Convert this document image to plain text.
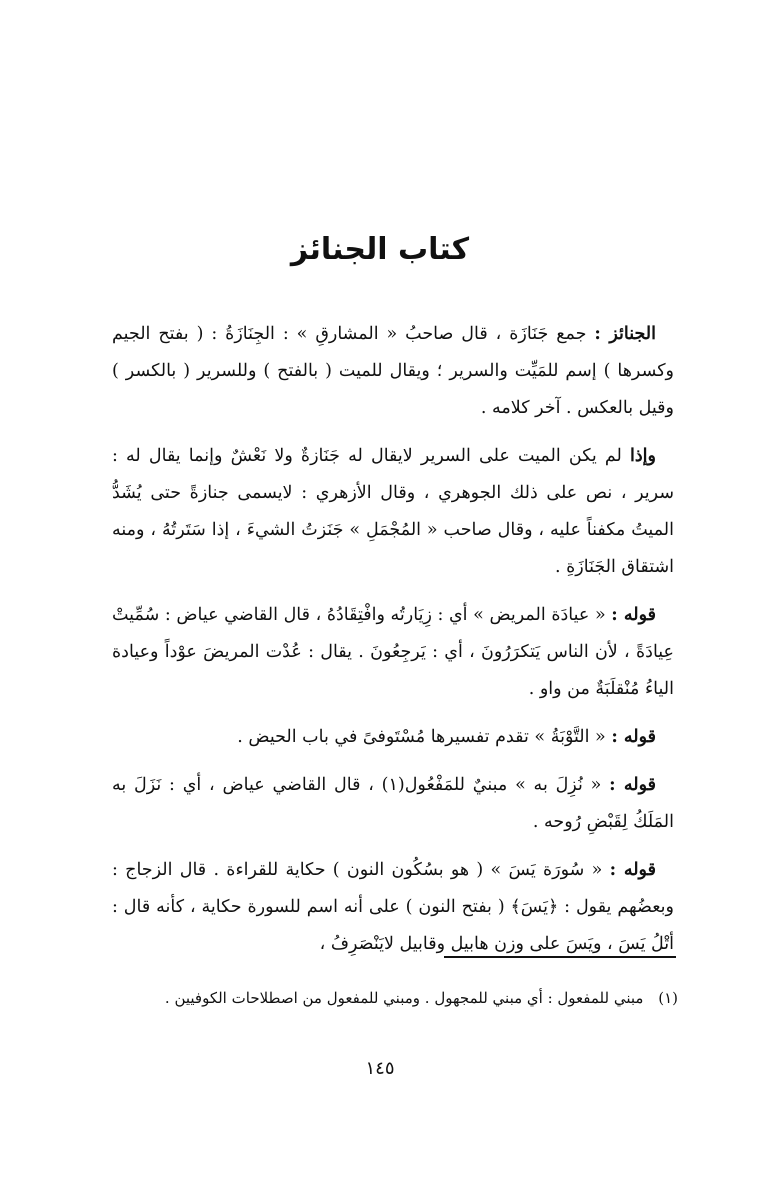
كتاب الجنائز

الجنائز : جمع جَنَازَة ، قال صاحبُ « المشارقِ » : الجِنَازَةُ : ( بفتح الجيم وكسرها ) إسم للمَيِّت والسرير ؛ ويقال للميت ( بالفتح ) وللسرير ( بالكسر ) وقيل بالعكس . آخر كلامه .

وإذا لم يكن الميت على السرير لايقال له جَنَازةٌ ولا نَعْشٌ وإنما يقال له : سرير ، نص على ذلك الجوهري ، وقال الأزهري : لايسمى جنازةً حتى يُشَدُّ الميتُ مكفناً عليه ، وقال صاحب « المُجْمَلِ » جَنَزتُ الشيءَ ، إذا سَتَرتُهُ ، ومنه اشتقاق الجَنَازَةِ .

قوله : « عيادَة المريض » أي : زِيَارتُه وافْتِقَادُهُ ، قال القاضي عياض : سُمِّيتْ عِيادَةً ، لأن الناس يَتكرَرُونَ ، أي : يَرجِعُونَ . يقال : عُدْت المريضَ عوْداً وعيادة الياءُ مُنْقلَبَةٌ من واو .

قوله : « التَّوْبَةُ » تقدم تفسيرها مُسْتَوفىً في باب الحيض .

قوله : « نُزِلَ به » مبنيٌ للمَفْعُول(١) ، قال القاضي عياض ، أي : نَزَلَ به المَلَكُ لِقَبْضِ رُوحه .

قوله : « سُورَة يَسَ » ( هو بسُكُون النون ) حكاية للقراءة . قال الزجاج : وبعضُهم يقول : ﴿يَسَ﴾ ( بفتح النون ) على أنه اسم للسورة حكاية ، كأنه قال : أتْلُ يَسَ ، ويَسَ على وزن هابيل وقابيل لايَنْصَرِفُ ،

(١) مبني للمفعول : أي مبني للمجهول . ومبني للمفعول من اصطلاحات الكوفيين .
١٤٥
